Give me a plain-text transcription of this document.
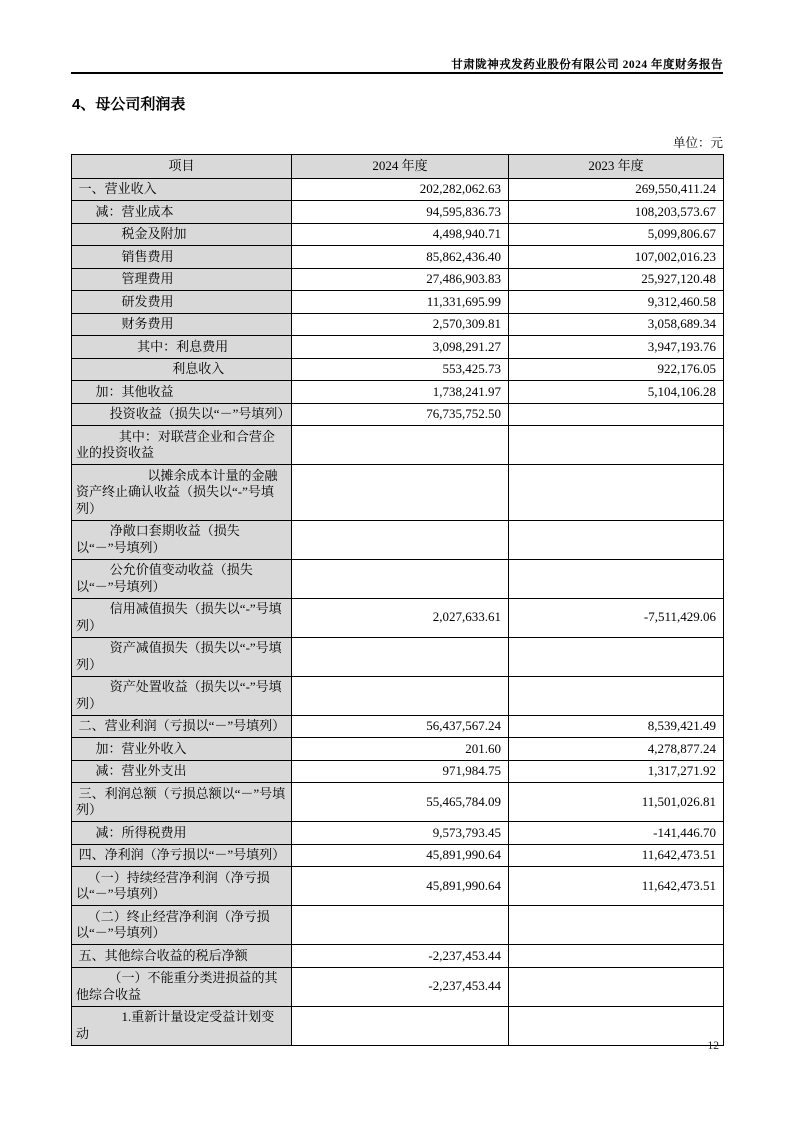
甘肃陇神戎发药业股份有限公司 2024 年度财务报告
4、母公司利润表
单位：元
项目	2024 年度	2023 年度
一、营业收入	202,282,062.63	269,550,411.24
减：营业成本	94,595,836.73	108,203,573.67
税金及附加	4,498,940.71	5,099,806.67
销售费用	85,862,436.40	107,002,016.23
管理费用	27,486,903.83	25,927,120.48
研发费用	11,331,695.99	9,312,460.58
财务费用	2,570,309.81	3,058,689.34
其中：利息费用	3,098,291.27	3,947,193.76
利息收入	553,425.73	922,176.05
加：其他收益	1,738,241.97	5,104,106.28
投资收益（损失以“－”号填列）	76,735,752.50	
其中：对联营企业和合营企业的投资收益		
以摊余成本计量的金融资产终止确认收益（损失以“-”号填列）		
净敞口套期收益（损失以“－”号填列）		
公允价值变动收益（损失以“－”号填列）		
信用减值损失（损失以“-”号填列）	2,027,633.61	-7,511,429.06
资产减值损失（损失以“-”号填列）		
资产处置收益（损失以“-”号填列）		
二、营业利润（亏损以“－”号填列）	56,437,567.24	8,539,421.49
加：营业外收入	201.60	4,278,877.24
减：营业外支出	971,984.75	1,317,271.92
三、利润总额（亏损总额以“－”号填列）	55,465,784.09	11,501,026.81
减：所得税费用	9,573,793.45	-141,446.70
四、净利润（净亏损以“－”号填列）	45,891,990.64	11,642,473.51
（一）持续经营净利润（净亏损以“－”号填列）	45,891,990.64	11,642,473.51
（二）终止经营净利润（净亏损以“－”号填列）		
五、其他综合收益的税后净额	-2,237,453.44	
（一）不能重分类进损益的其他综合收益	-2,237,453.44	
1.重新计量设定受益计划变动		
12
